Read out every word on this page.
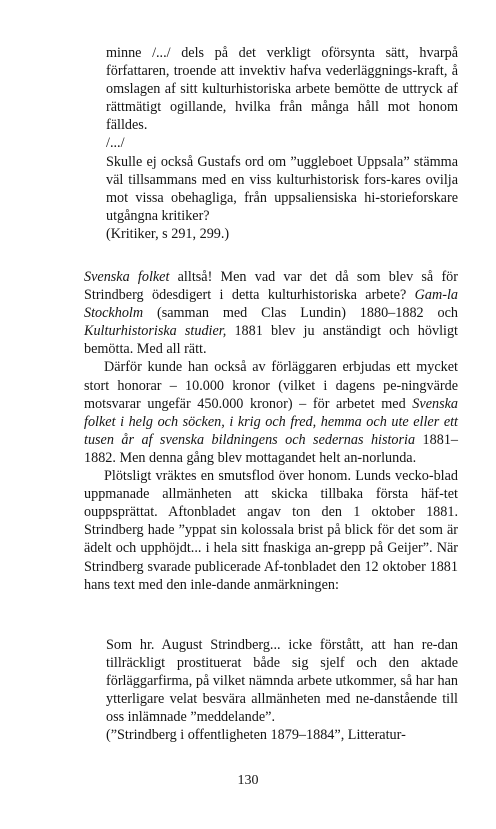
minne /.../ dels på det verkligt oförsynta sätt, hvarpå författaren, troende att invektiv hafva vederläggnings-kraft, å omslagen af sitt kulturhistoriska arbete bemötte de uttryck af rättmätigt ogillande, hvilka från många håll mot honom fälldes.

/.../

Skulle ej också Gustafs ord om ”uggleboet Uppsala” stämma väl tillsammans med en viss kulturhistorisk fors-kares ovilja mot vissa obehagliga, från uppsaliensiska hi-storieforskare utgångna kritiker?

(Kritiker, s 291, 299.)

Svenska folket alltså! Men vad var det då som blev så för Strindberg ödesdigert i detta kulturhistoriska arbete? Gam-la Stockholm (samman med Clas Lundin) 1880–1882 och Kulturhistoriska studier, 1881 blev ju anständigt och hövligt bemötta. Med all rätt.

Därför kunde han också av förläggaren erbjudas ett mycket stort honorar – 10.000 kronor (vilket i dagens pe-ningvärde motsvarar ungefär 450.000 kronor) – för arbetet med Svenska folket i helg och söcken, i krig och fred, hemma och ute eller ett tusen år af svenska bildningens och sedernas historia 1881–1882. Men denna gång blev mottagandet helt an-norlunda.

Plötsligt vräktes en smutsflod över honom. Lunds vecko-blad uppmanade allmänheten att skicka tillbaka första häf-tet ouppsprättat. Aftonbladet angav ton den 1 oktober 1881. Strindberg hade ”yppat sin kolossala brist på blick för det som är ädelt och upphöjdt... i hela sitt fnaskiga an-grepp på Geijer”. När Strindberg svarade publicerade Af-tonbladet den 12 oktober 1881 hans text med den inle-dande anmärkningen:

Som hr. August Strindberg... icke förstått, att han re-dan tillräckligt prostituerat både sig sjelf och den aktade förläggarfirma, på vilket nämnda arbete utkommer, så har han ytterligare velat besvära allmänheten med ne-danstående till oss inlämnade ”meddelande”.

(”Strindberg i offentligheten 1879–1884”, Litteratur-

130
